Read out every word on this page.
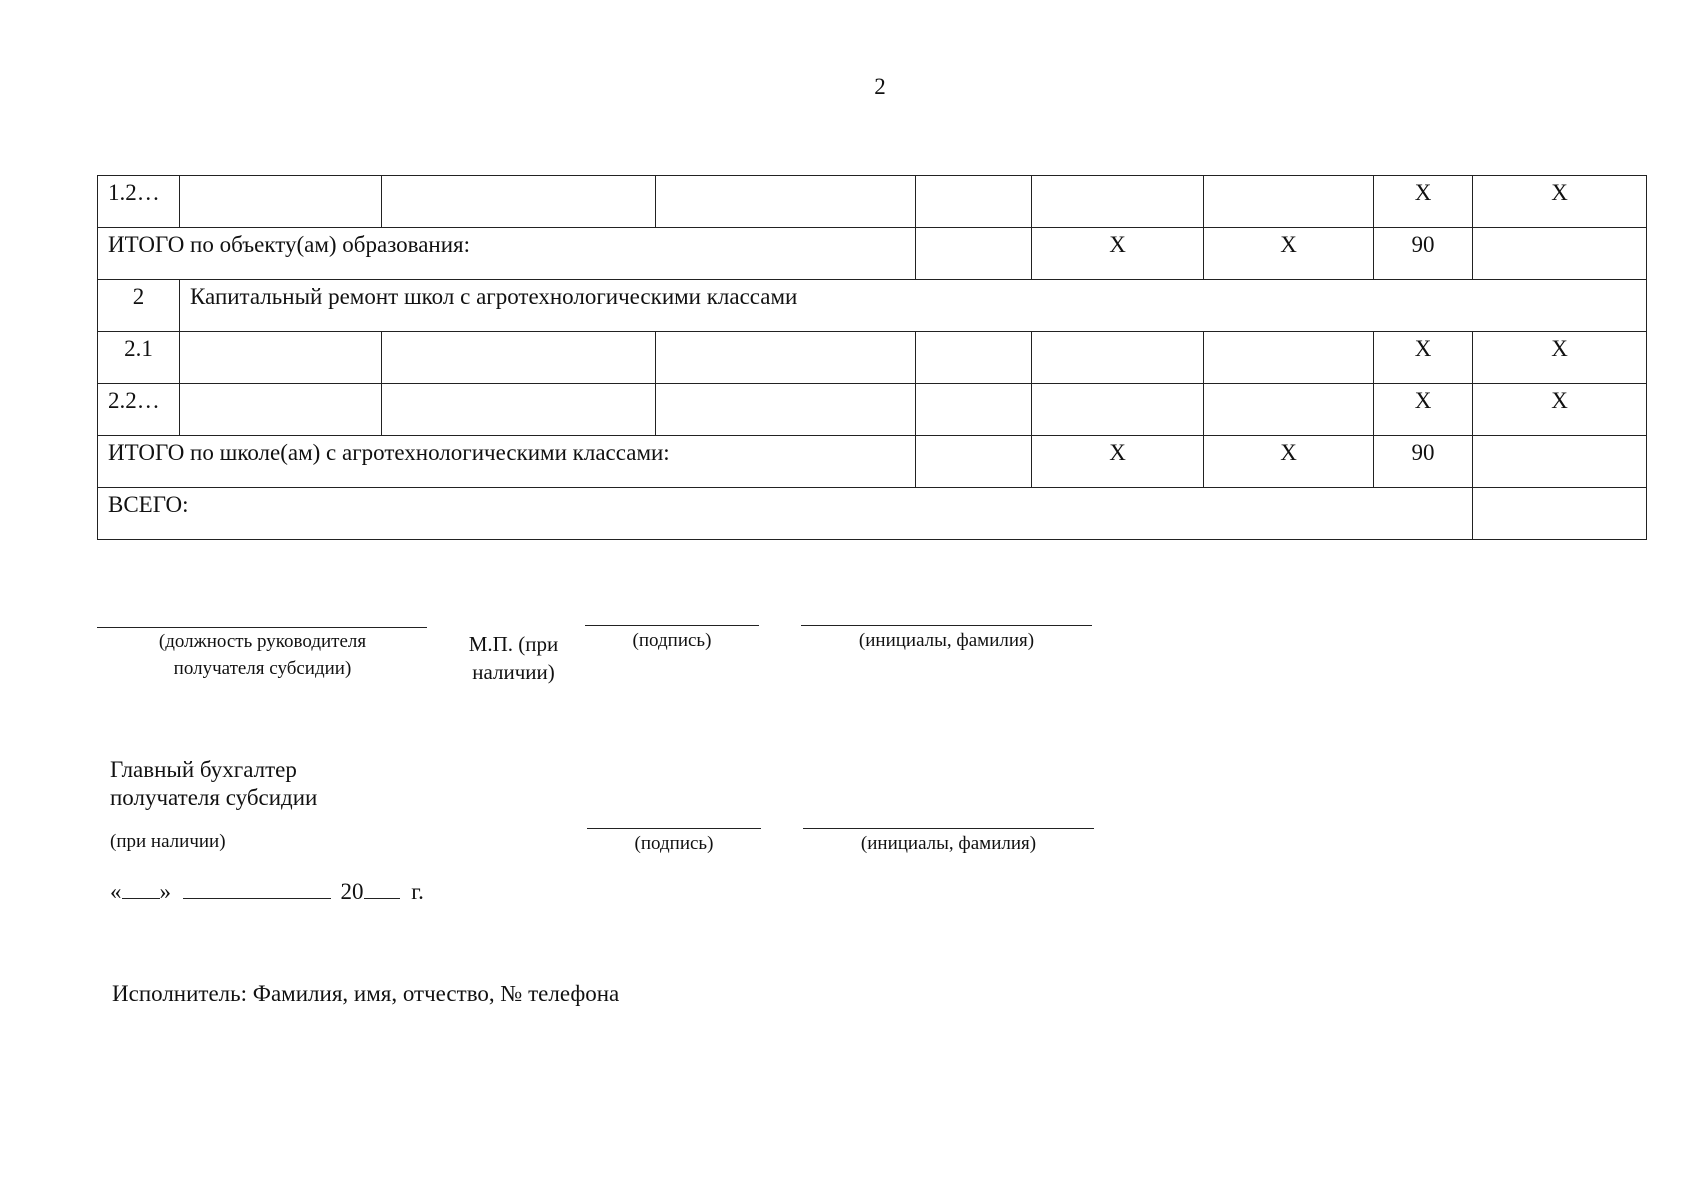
2
1.2…							Х	Х
ИТОГО по объекту(ам) образования:					Х	Х	90	
2	Капитальный ремонт школ с агротехнологическими классами							
2.1							Х	Х
2.2…							Х	Х
ИТОГО по школе(ам) с агротехнологическими классами:					Х	Х	90	
ВСЕГО:								
(должность руководителя получателя субсидии)
М.П. (при наличии)
(подпись)	(инициалы, фамилия)
Главный бухгалтер получателя субсидии
(при наличии)	(подпись)	(инициалы, фамилия)
« »	20 г.
Исполнитель: Фамилия, имя, отчество, № телефона
